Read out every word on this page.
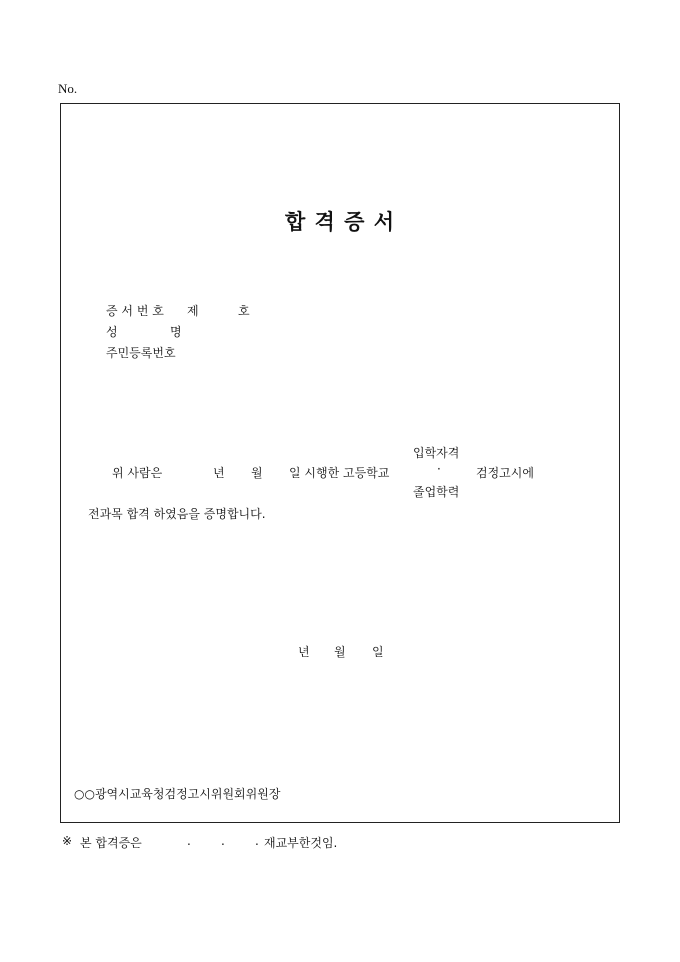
No.
합 격 증 서
증 서 번 호 제	호
성	명
주민등록번호
입학자격
위 사람은	년 월 일 시행한 고등학교	·	검정고시에
졸업학력
전과목 합격 하였음을 증명합니다.
년 월 일
○○광역시교육청검정고시위원회위원장
※ 본 합격증은	.	.	. 재교부한것임.
